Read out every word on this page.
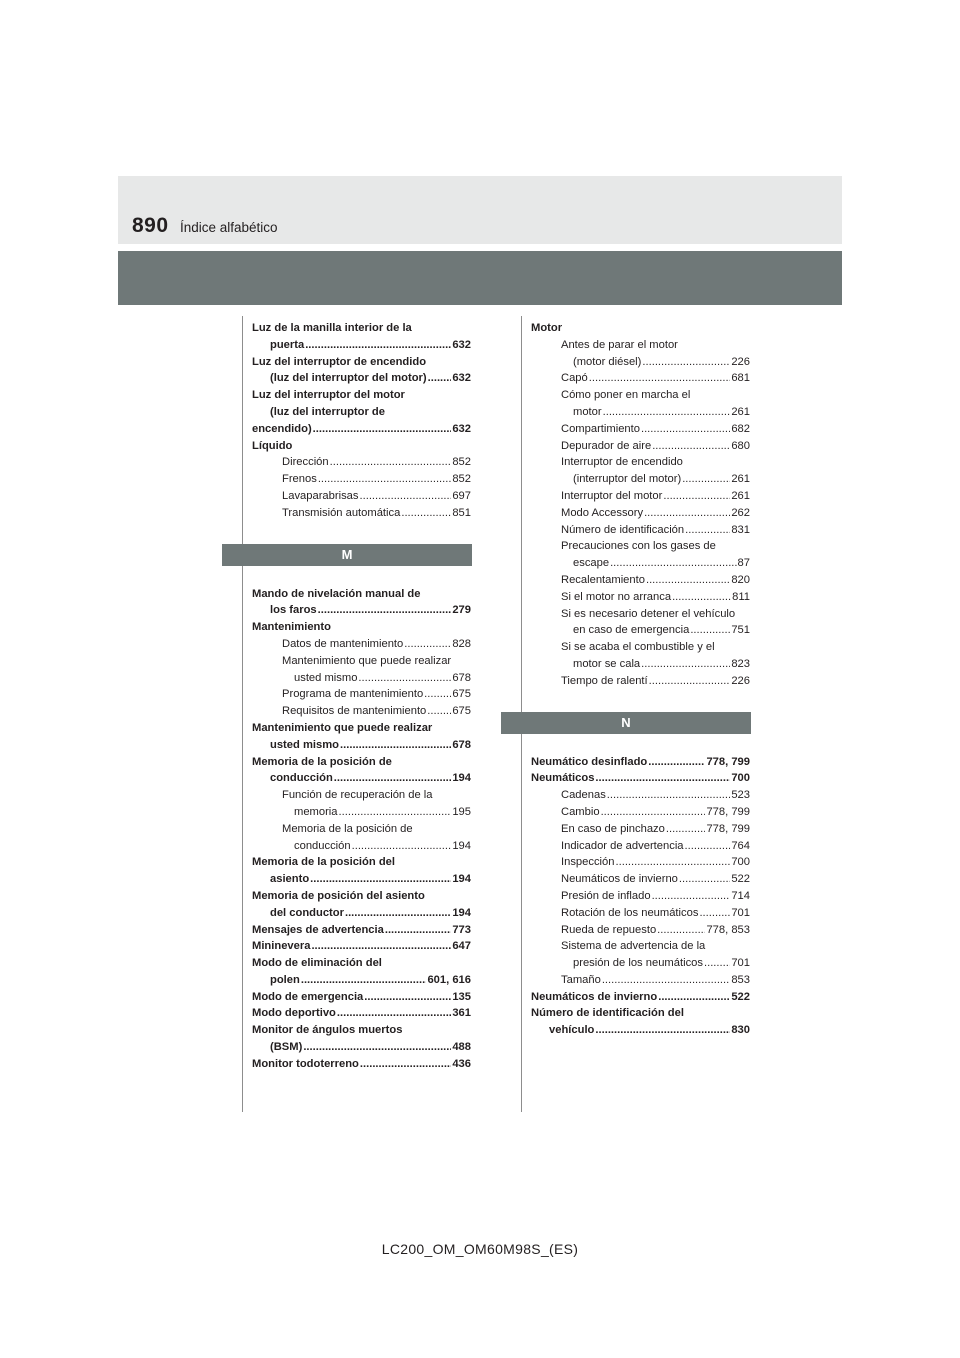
890 Índice alfabético
Luz de la manilla interior de la
puerta .....	632
Luz del interruptor de encendido
(luz del interruptor del motor) ..... 632
Luz del interruptor del motor
(luz del interruptor de
encendido) .....	632
Líquido
Dirección .....	852
Frenos .....	852
Lavaparabrisas .....	697
Transmisión automática .....	851
M
Mando de nivelación manual de
los faros .....	279
Mantenimiento
Datos de mantenimiento .....	828
Mantenimiento que puede realizar
usted mismo .....	678
Programa de mantenimiento .....	675
Requisitos de mantenimiento ..... 675
Mantenimiento que puede realizar
usted mismo .....	678
Memoria de la posición de
conducción .....	194
Función de recuperación de la
memoria .....	195
Memoria de la posición de
conducción .....	194
Memoria de la posición del
asiento .....	194
Memoria de posición del asiento
del conductor .....	194
Mensajes de advertencia .....	773
Mininevera .....	647
Modo de eliminación del
polen .....	601, 616
Modo de emergencia .....	135
Modo deportivo .....	361
Monitor de ángulos muertos
(BSM) .....	488
Monitor todoterreno .....	436
Motor
Antes de parar el motor
(motor diésel) .....	226
Capó .....	681
Cómo poner en marcha el
motor .....	261
Compartimiento .....	682
Depurador de aire .....	680
Interruptor de encendido
(interruptor del motor) .....	261
Interruptor del motor .....	261
Modo Accessory .....	262
Número de identificación .....	831
Precauciones con los gases de
escape .....	87
Recalentamiento .....	820
Si el motor no arranca .....	811
Si es necesario detener el vehículo
en caso de emergencia .....	751
Si se acaba el combustible y el
motor se cala .....	823
Tiempo de ralentí .....	226
N
Neumático desinflado .....	778, 799
Neumáticos .....	700
Cadenas .....	523
Cambio .....	778, 799
En caso de pinchazo .....	778, 799
Indicador de advertencia .....	764
Inspección .....	700
Neumáticos de invierno .....	522
Presión de inflado .....	714
Rotación de los neumáticos .....	701
Rueda de repuesto .....	778, 853
Sistema de advertencia de la
presión de los neumáticos .....	701
Tamaño .....	853
Neumáticos de invierno .....	522
Número de identificación del
vehículo .....	830
LC200_OM_OM60M98S_(ES)
